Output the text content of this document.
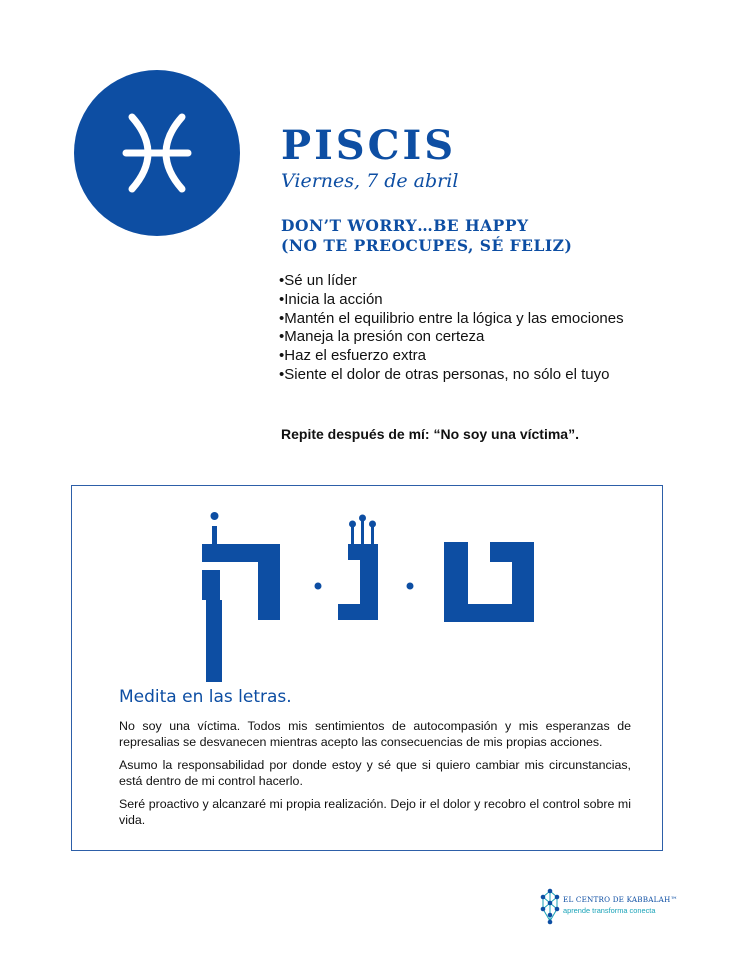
PISCIS
Viernes, 7 de abril
DON’T WORRY…BE HAPPY
(NO TE PREOCUPES, SÉ FELIZ)
• Sé un líder
• Inicia la acción
• Mantén el equilibrio entre la lógica y las emociones
• Maneja la presión con certeza
• Haz el esfuerzo extra
• Siente el dolor de otras personas, no sólo el tuyo
Repite después de mí: “No soy una víctima”.
מ · נ · ק
Medita en las letras.

No soy una víctima. Todos mis sentimientos de autocompasión y mis esperanzas de represalias se desvanecen mientras acepto las consecuencias de mis propias acciones.

Asumo la responsabilidad por donde estoy y sé que si quiero cambiar mis circunstancias, está dentro de mi control hacerlo.

Seré proactivo y alcanzaré mi propia realización. Dejo ir el dolor y recobro el control sobre mi vida.

EL CENTRO DE KABBALAH™
aprende transforma conecta
